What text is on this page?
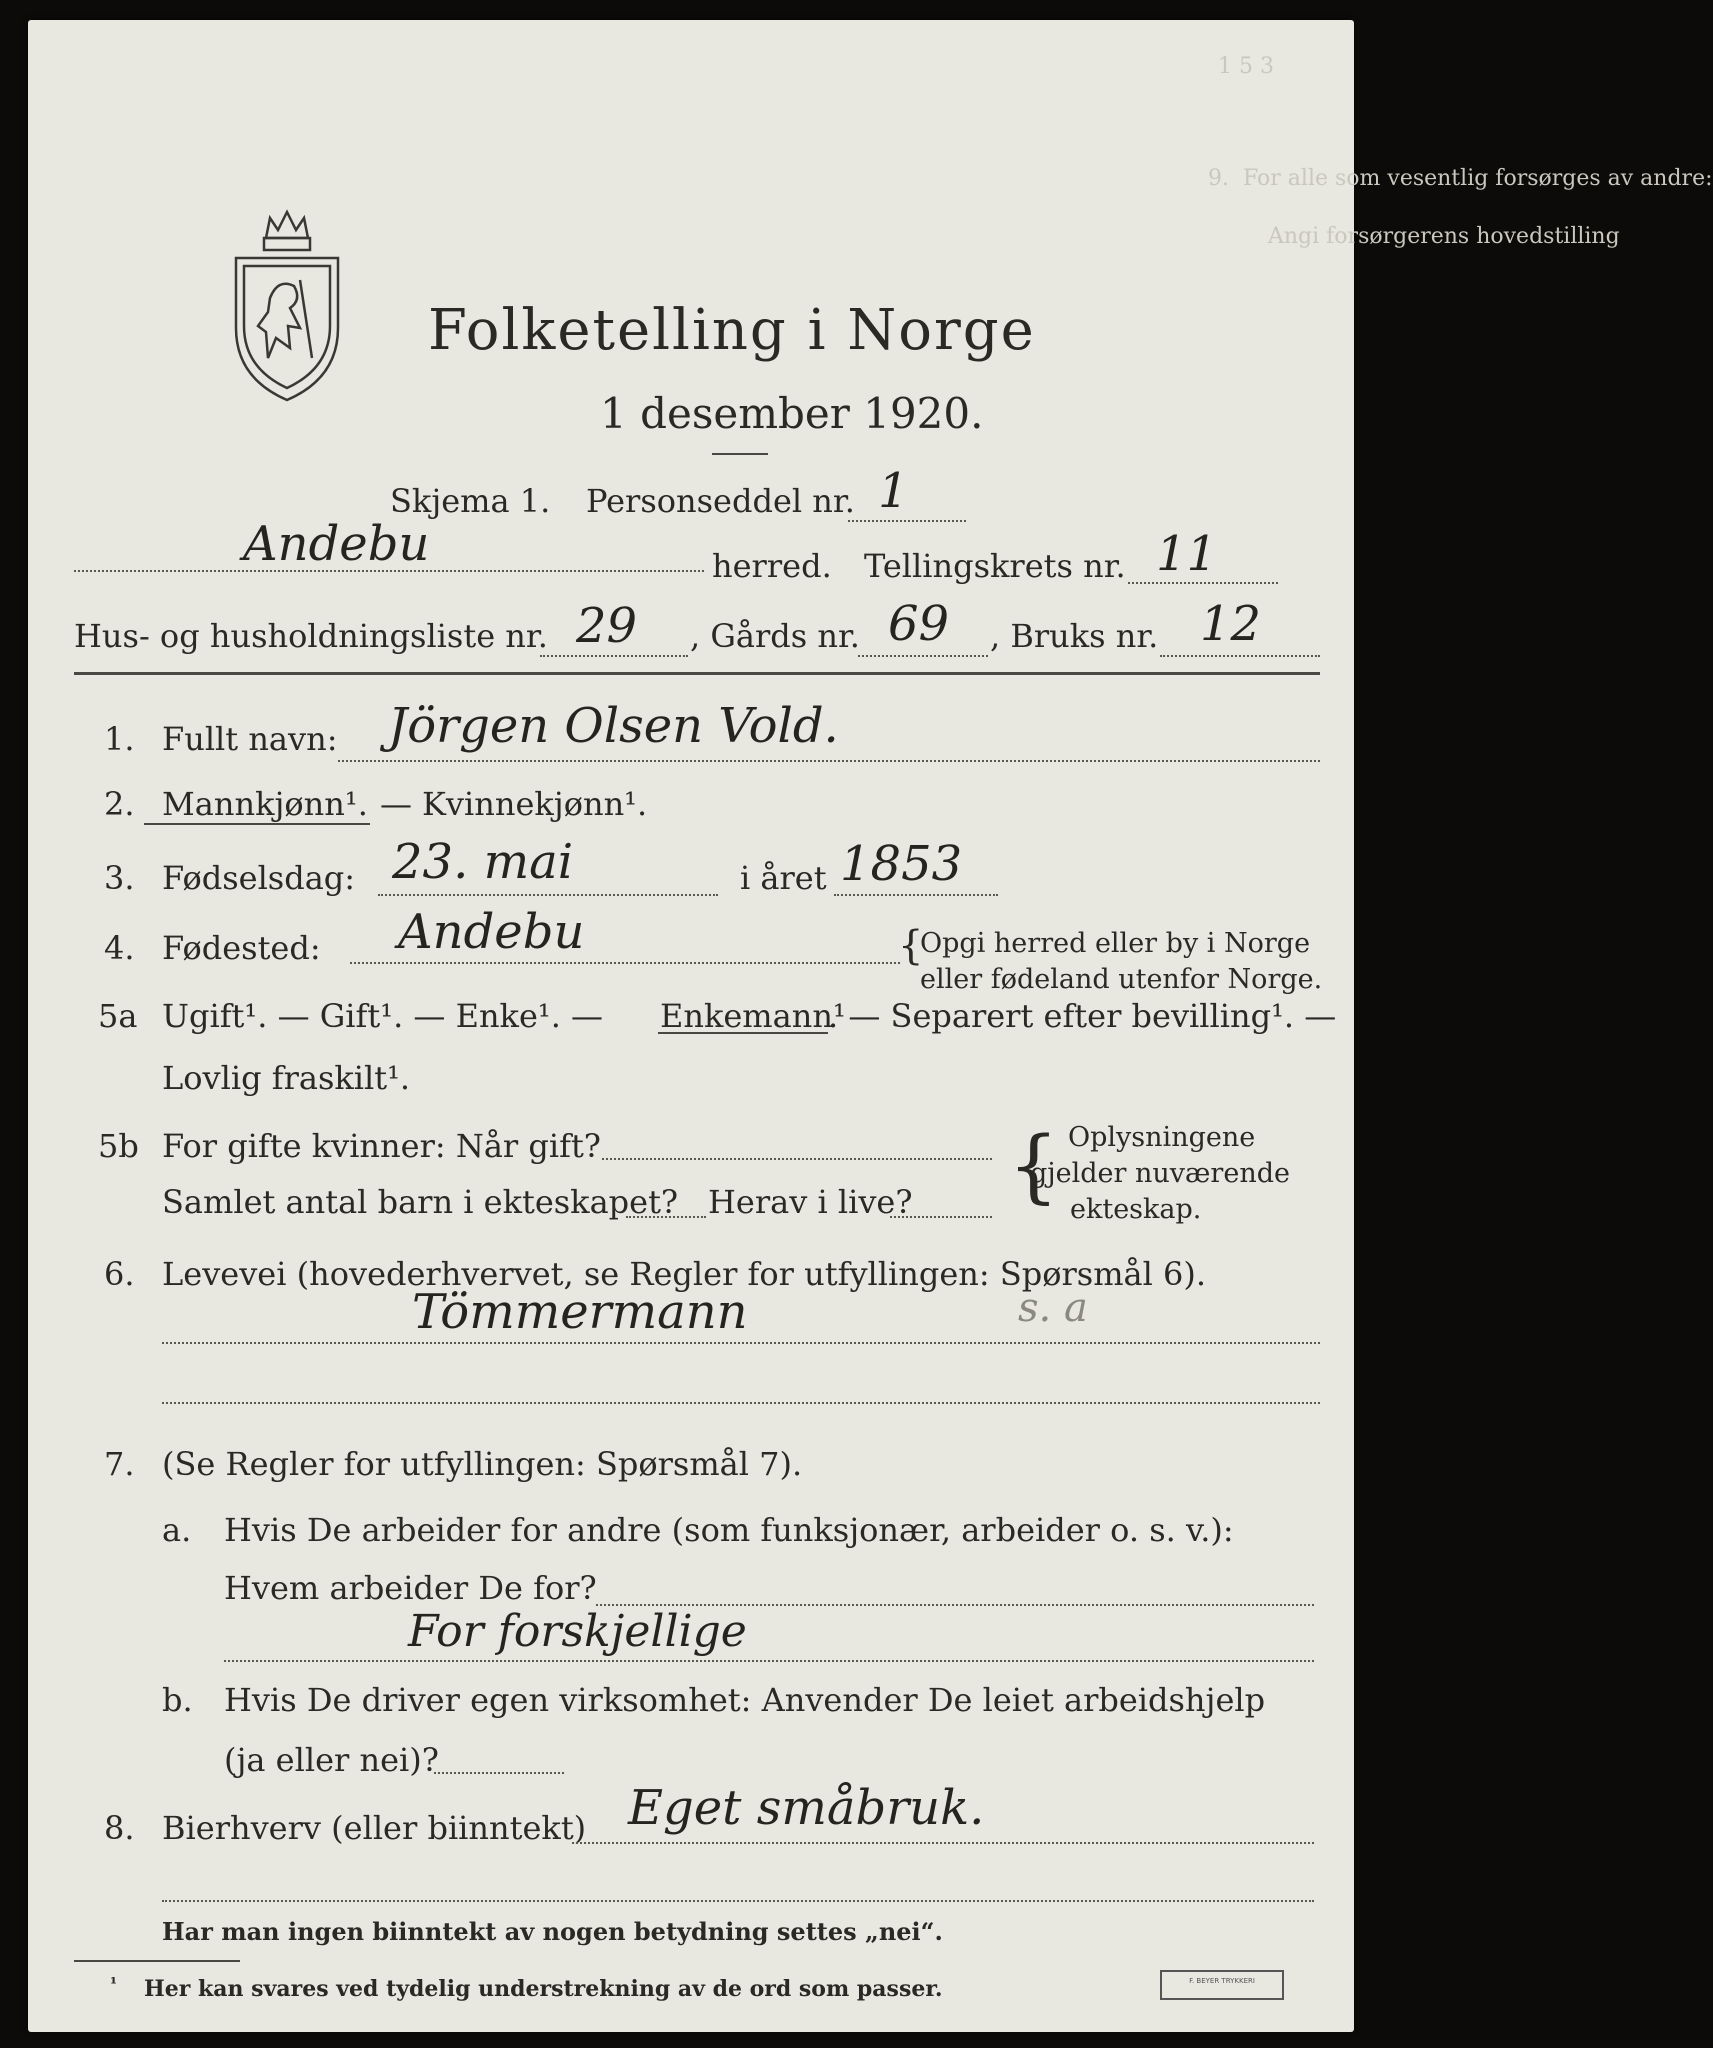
1 5 3
9.  For alle som vesentlig forsørges av andre:
Angi forsørgerens hovedstilling
Folketelling i Norge
1 desember 1920.
Skjema 1. Personseddel nr. 1
Andebu	herred. Tellingskrets nr. 11
Hus- og husholdningsliste nr. 29 , Gårds nr. 69 , Bruks nr. 12
1. Fullt navn: Jörgen Olsen Vold.
2. Mannkjønn¹. — Kvinnekjønn¹.
3. Fødselsdag: 23. mai	i året 1853
4. Fødested: Andebu	{
Opgi herred eller by i Norge
eller fødeland utenfor Norge.
5a Ugift¹. — Gift¹. — Enke¹. — Enkemann¹
. — Separert efter bevilling¹. —
Lovlig fraskilt¹.
5b For gifte kvinner: Når gift?
Samlet antal barn i ekteskapet? Herav i live? { Oplysningene
gjelder nuværende
ekteskap.
6. Levevei (hovederhvervet, se Regler for utfyllingen: Spørsmål 6).
Tömmermann	s. a
7. (Se Regler for utfyllingen: Spørsmål 7).
a. Hvis De arbeider for andre (som funksjonær, arbeider o. s. v.):
Hvem arbeider De for?
For forskjellige
b. Hvis De driver egen virksomhet: Anvender De leiet arbeidshjelp
(ja eller nei)?
8. Bierhverv (eller biinntekt) Eget småbruk.
Har man ingen biinntekt av nogen betydning settes „nei“.
¹ Her kan svares ved tydelig understrekning av de ord som passer.	F. BEYER TRYKKERI
